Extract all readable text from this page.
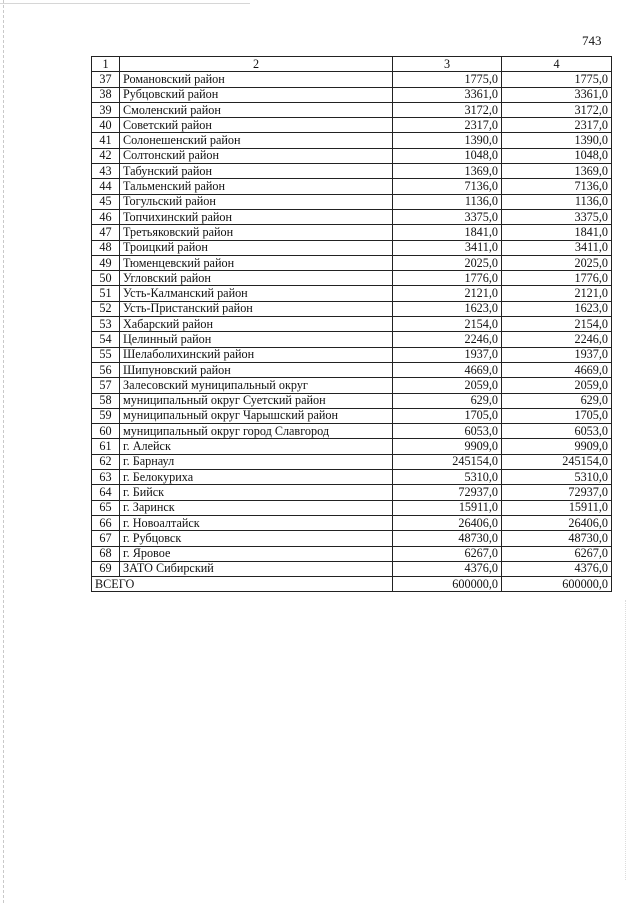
743
1	2	3	4
37	Романовский район	1775,0	1775,0
38	Рубцовский район	3361,0	3361,0
39	Смоленский район	3172,0	3172,0
40	Советский район	2317,0	2317,0
41	Солонешенский район	1390,0	1390,0
42	Солтонский район	1048,0	1048,0
43	Табунский район	1369,0	1369,0
44	Тальменский район	7136,0	7136,0
45	Тогульский район	1136,0	1136,0
46	Топчихинский район	3375,0	3375,0
47	Третьяковский район	1841,0	1841,0
48	Троицкий район	3411,0	3411,0
49	Тюменцевский район	2025,0	2025,0
50	Угловский район	1776,0	1776,0
51	Усть-Калманский район	2121,0	2121,0
52	Усть-Пристанский район	1623,0	1623,0
53	Хабарский район	2154,0	2154,0
54	Целинный район	2246,0	2246,0
55	Шелаболихинский район	1937,0	1937,0
56	Шипуновский район	4669,0	4669,0
57	Залесовский муниципальный округ	2059,0	2059,0
58	муниципальный округ Суетский район	629,0	629,0
59	муниципальный округ Чарышский район	1705,0	1705,0
60	муниципальный округ город Славгород	6053,0	6053,0
61	г. Алейск	9909,0	9909,0
62	г. Барнаул	245154,0	245154,0
63	г. Белокуриха	5310,0	5310,0
64	г. Бийск	72937,0	72937,0
65	г. Заринск	15911,0	15911,0
66	г. Новоалтайск	26406,0	26406,0
67	г. Рубцовск	48730,0	48730,0
68	г. Яровое	6267,0	6267,0
69	ЗАТО Сибирский	4376,0	4376,0
ВСЕГО		600000,0	600000,0
